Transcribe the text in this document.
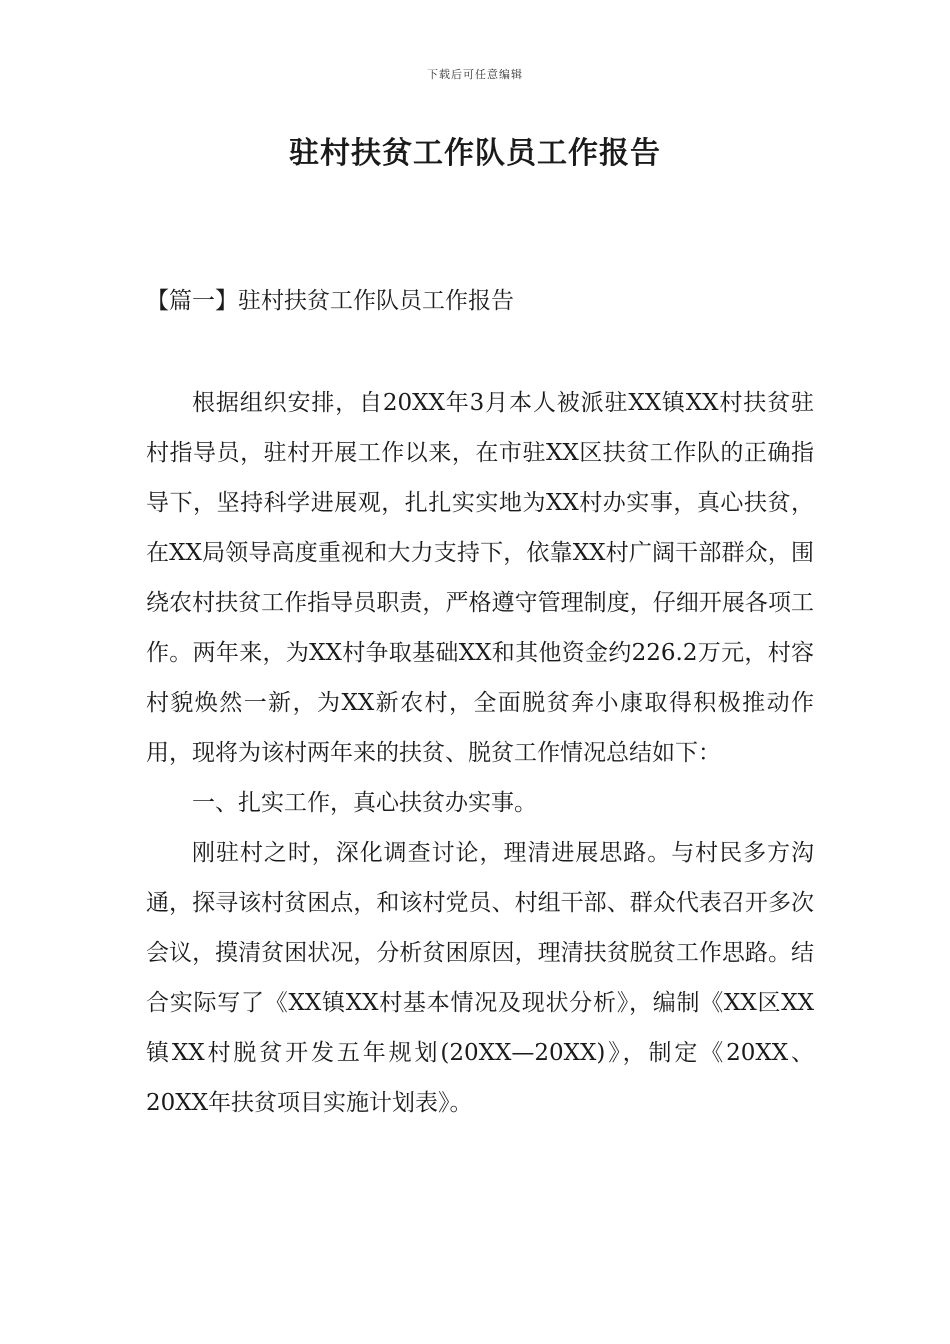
下载后可任意编辑
驻村扶贫工作队员工作报告
【篇一】驻村扶贫工作队员工作报告

根据组织安排，自20XX年3月本人被派驻XX镇XX村扶贫驻村指导员，驻村开展工作以来，在市驻XX区扶贫工作队的正确指导下，坚持科学进展观，扎扎实实地为XX村办实事，真心扶贫，在XX局领导高度重视和大力支持下，依靠XX村广阔干部群众，围绕农村扶贫工作指导员职责，严格遵守管理制度，仔细开展各项工作。两年来，为XX村争取基础XX和其他资金约226.2万元，村容村貌焕然一新，为XX新农村，全面脱贫奔小康取得积极推动作用，现将为该村两年来的扶贫、脱贫工作情况总结如下：

一、扎实工作，真心扶贫办实事。

刚驻村之时，深化调查讨论，理清进展思路。与村民多方沟通，探寻该村贫困点，和该村党员、村组干部、群众代表召开多次会议，摸清贫困状况，分析贫困原因，理清扶贫脱贫工作思路。结合实际写了《XX镇XX村基本情况及现状分析》，编制《XX区XX镇XX村脱贫开发五年规划(20XX—20XX)》，制定《20XX、20XX年扶贫项目实施计划表》。
